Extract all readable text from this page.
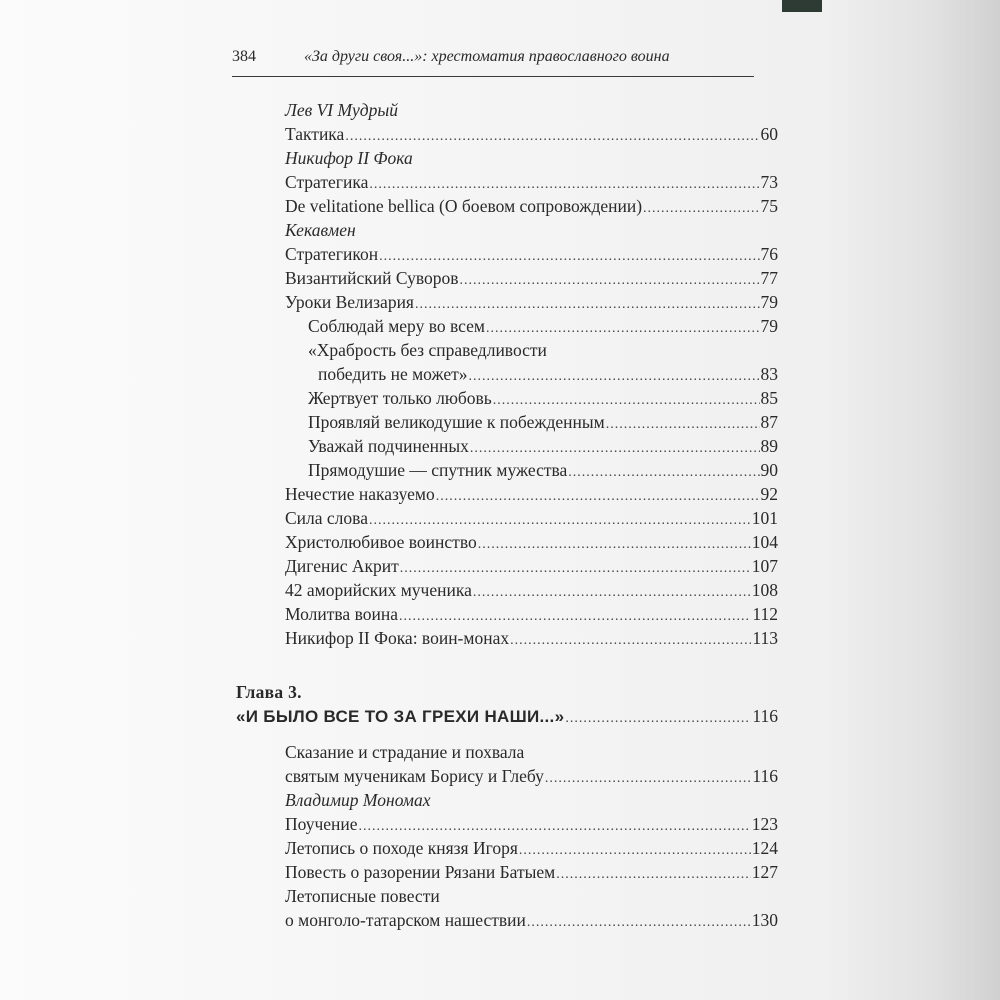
384	«За други своя...»: хрестоматия православного воина
Лев VI Мудрый
Тактика .....	60
Никифор II Фока
Стратегика .....	73
De velitatione bellica (О боевом сопровождении) .....	75
Кекавмен
Стратегикон .....	76
Византийский Суворов .....	77
Уроки Велизария .....	79
Соблюдай меру во всем .....	79
«Храбрость без справедливости
победить не может» .....	83
Жертвует только любовь .....	85
Проявляй великодушие к побежденным .....	87
Уважай подчиненных .....	89
Прямодушие — спутник мужества .....	90
Нечестие наказуемо .....	92
Сила слова .....	101
Христолюбивое воинство .....	104
Дигенис Акрит .....	107
42 аморийских мученика .....	108
Молитва воина .....	112
Никифор II Фока: воин-монах .....	113
Глава 3.
«И БЫЛО ВСЕ ТО ЗА ГРЕХИ НАШИ...» .....	116
Сказание и страдание и похвала
святым мученикам Борису и Глебу .....	116
Владимир Мономах
Поучение .....	123
Летопись о походе князя Игоря .....	124
Повесть о разорении Рязани Батыем .....	127
Летописные повести
о монголо-татарском нашествии .....	130
